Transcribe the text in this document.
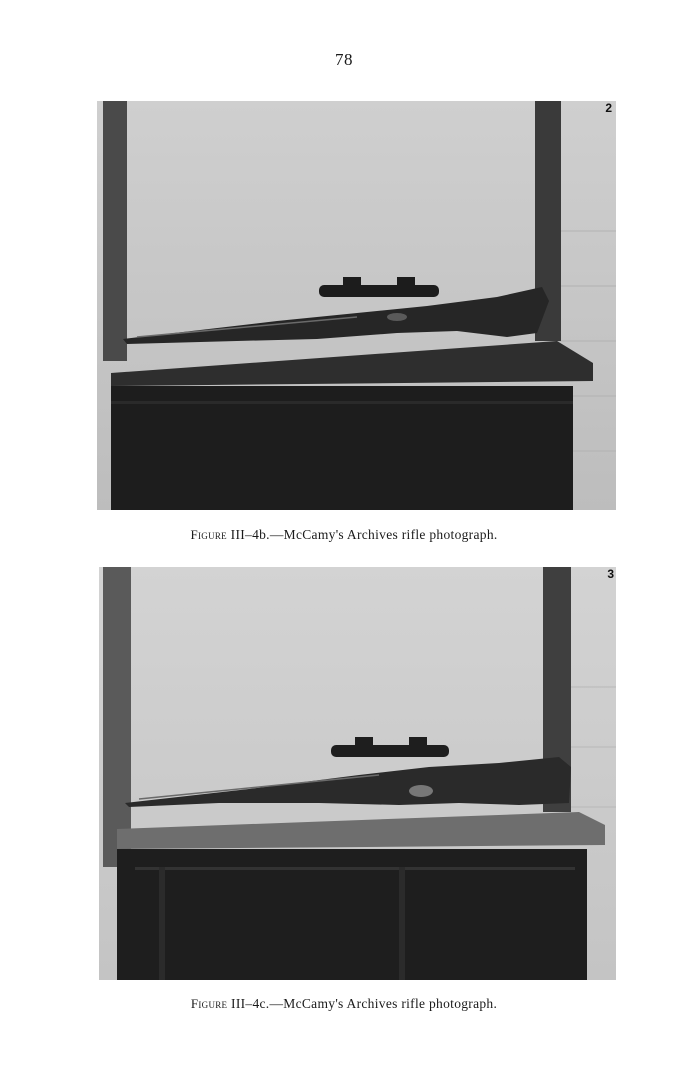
78
2
Figure III–4b.—McCamy's Archives rifle photograph.
3
Figure III–4c.—McCamy's Archives rifle photograph.
